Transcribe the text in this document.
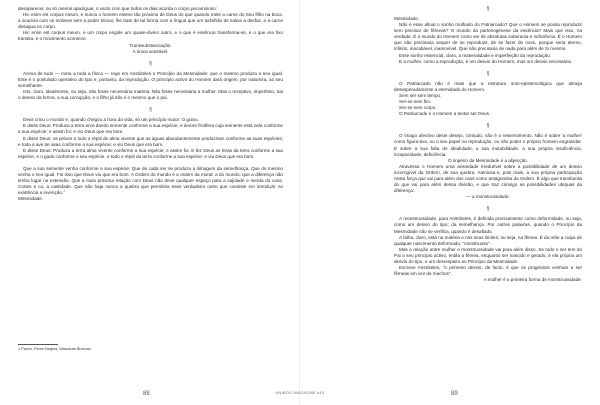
desaparecer, ou só menos apaziguar, o vazio com que todos os dias acorda o corpo pecaminoso:

Hic enim est corpus meum, e nunca o homem esteve tão próximo de Deus do que quando mete a carne do Seu filho na boca, a acaricia com os molares sem a poder trincar, lhe bate de tal forma com a língua que um turbilhão de saliva a desfaz, e a carne desagua no corpo.

Hic enim est corpus meum, e um corpo engole um quase-divino outro, e o que é essência transforma-se, e o que era fixo transita, e o movimento acontece.

Transsubstanciação.

A única aceitável.

§

Acima de tudo — meta a toda a física — rege em Aristóteles o Princípio da Mesmidade: que o mesmo produza o seu igual. Este é o postulado operativo do tipo e, portanto, da reprodução. O princípio activo do Homem dará origem, por natureza, ao seu semelhante.

Isto, claro, idealmente, ou seja, não fosse necessária matéria. Não fosse necessária a mulher. Mas o receptivo, imperfeito, trai o desvio da forma, a sua corrupção, e o filho já não é o mesmo que o pai.

§

Deus criou o mundo e, quando chegou a hora da vida, só um princípio maior: O guiou.

E disse Deus: Produza a terra erva dando semente conforme a sua espécie, e árvore frutífera cuja semente está nela conforme a sua espécie; e assim foi; e viu Deus que era bom.

E disse Deus: os peixes e todo o réptil de alma vivente que as águas abundantemente produziram conforme as suas espécies; e toda a ave de asas conforme a sua espécie; e viu Deus que era bom.

E disse Deus: Produza a terra alma vivente conforme a sua espécie; e assim foi. E fez Deus as feras da terra conforme a sua espécie, e o gado conforme o seu espécie, e todo o réptil da terra conforme a sua espécie; e viu Deus que era bom.

Que a sua semente venha conforme a sua espécie: Que de cada ser se produza a linhagem da semelhança. Que do mesmo venha o seu igual. Foi isso que Deus viu que era bom. A Ordem do mundo é a ordem da moral; a do mundo: que a diferença não tenha lugar na extensão. Que a mais próxima relação com Deus não deve qualquer espaço para a sujidade e merda do caos. Cortes e cu, a castidade. Que não haja nunca a quebra que permitiria esse verdadeiro outro que consiste em introduzir no existência a invenção.$^1$

Mesmidade.

1 Parvin, Peres Negros, Máscaras Brancas.
§

Mesmidade.

Não é esse afinal o sonho molhado do Patriarcado? Que o Homem se possa reproduzir sem precisar de fêmeas? O mundo da partenogénese da essência? Mais que isso, na verdade. É o mundo do Homem como ser de absolutas soberania e suficiência. É o Homem que não precisaria sequer de se reproduzir, de se fazer de novo, porque seria eterno, infinito, inacabável, inamovível. Que não precisaria de nada para além de Si mesmo.

Esse sonho essencial, claro, a materialidade e imperfeição da reprodução.

E a mulher, como a reprodução, é um desvio do Homem, mas um desvio necessário.

§

O Patriarcado não é mais que a estrutura onto-epistemológica que almeja desesperadamente a eternidade do Homem.

Sem ser sem tempo.

Ser-se sem fim.

Ser-se sem corpo.

O Patriarcado é o Homem a tentar ser Deus.

§

O ímago afectivo deste desejo, contudo, não é o ressentimento. Não é sobre 'a mulher' como figura-tiva, ou o seu papel na reprodução, ou não poder o próprio homem engravidar. É sobre a sua falta de idealidade, a sua mutabilidade, a sua própria insuficiência, incapacidade, deficiência.

O império da Mesmidade é a abjecção.

Atravessa o Homem uma ansiedade irredutível sobre a possibilidade de um desvio incorrigível da Ordem, de sua quebra. Ateniosa-o, pois mais, a sua própria participação nesta força que vai para além dos caos como antagonista da Ordem. É algo que transborda do que vai para além dessa divisão, e que traz consigo as possibilidades ubíquas da diferença:

— a monstruosidade.

§

A monstruosidade, para Aristóteles, é definida precisamente como deformidade, ou seja, como um desvio do tipo; da semelhança. Por outras palavras, quando o Princípio da Mesmidade não se verifica, quando é desafiado.

A falha, claro, está na matéria e nos seus limites; ou seja, na fêmea. É da mãe a culpa de qualquer nascimento deformado, "monstruoso".

Mas a relação entre mulher e monstruosidade vai para além disso. Se todo o ser tem do Pai o seu princípio activo, então a fêmea, enquanto ser nascido e gerado, é ela própria um desvio do tipo, e um desrespeito ao Princípio da Mesmidade.

Escreve Aristóteles, "o primeiro desvio, de facto, é que os progénitos venham a ser fêmeas em vez de machos".

A mulher é a primeira forma de monstruosidade.

88	UNIBOO MAGAZINE #10	89
